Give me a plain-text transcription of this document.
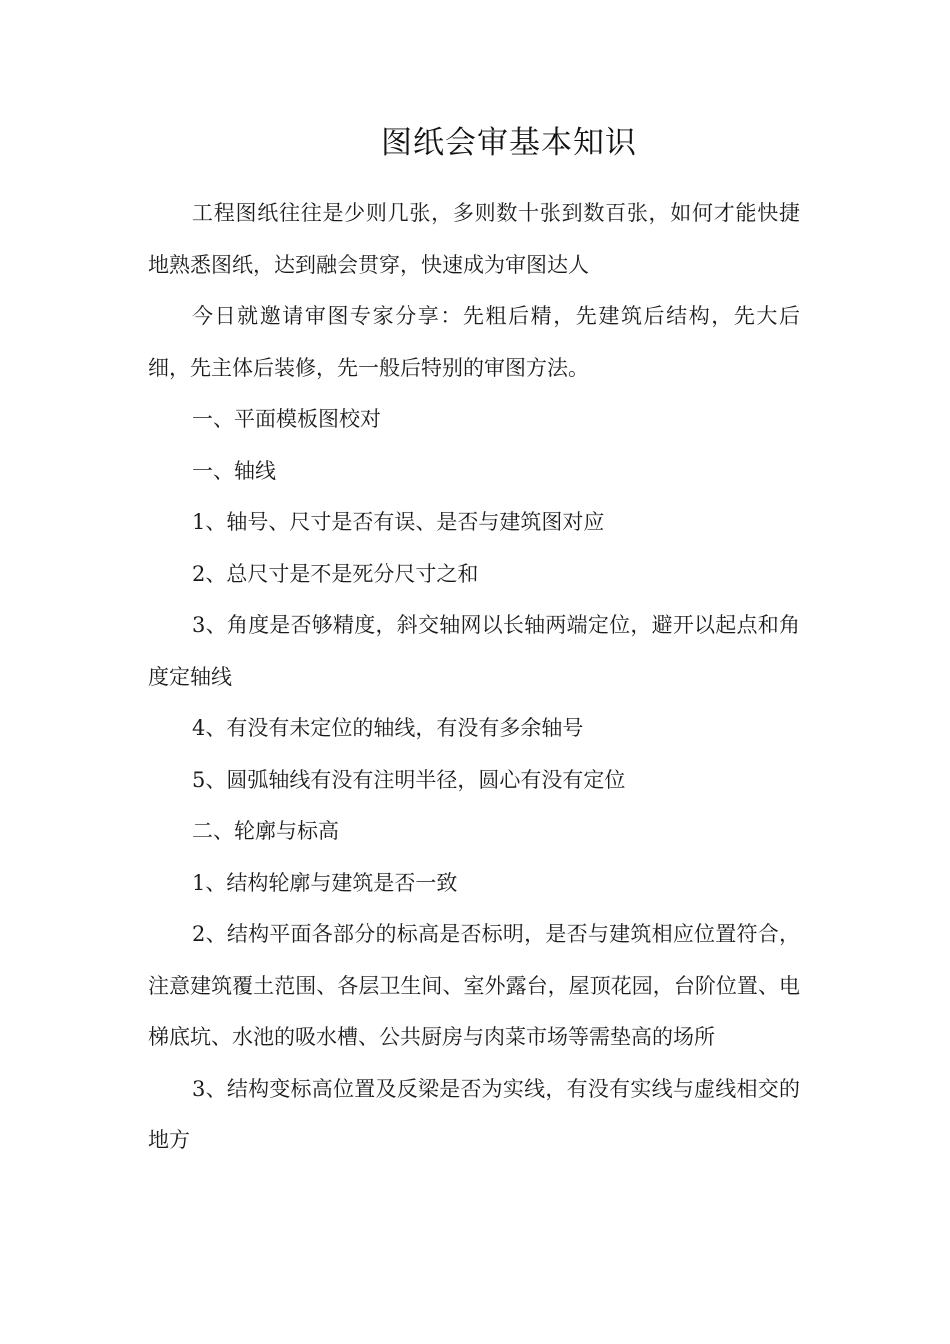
图纸会审基本知识

工程图纸往往是少则几张，多则数十张到数百张，如何才能快捷地熟悉图纸，达到融会贯穿，快速成为审图达人

今日就邀请审图专家分享：先粗后精，先建筑后结构，先大后细，先主体后装修，先一般后特别的审图方法。

一、平面模板图校对

一、轴线

1、轴号、尺寸是否有误、是否与建筑图对应

2、总尺寸是不是死分尺寸之和

3、角度是否够精度，斜交轴网以长轴两端定位，避开以起点和角度定轴线

4、有没有未定位的轴线，有没有多余轴号

5、圆弧轴线有没有注明半径，圆心有没有定位

二、轮廓与标高

1、结构轮廓与建筑是否一致

2、结构平面各部分的标高是否标明，是否与建筑相应位置符合，注意建筑覆土范围、各层卫生间、室外露台，屋顶花园，台阶位置、电梯底坑、水池的吸水槽、公共厨房与肉菜市场等需垫高的场所

3、结构变标高位置及反梁是否为实线，有没有实线与虚线相交的地方
